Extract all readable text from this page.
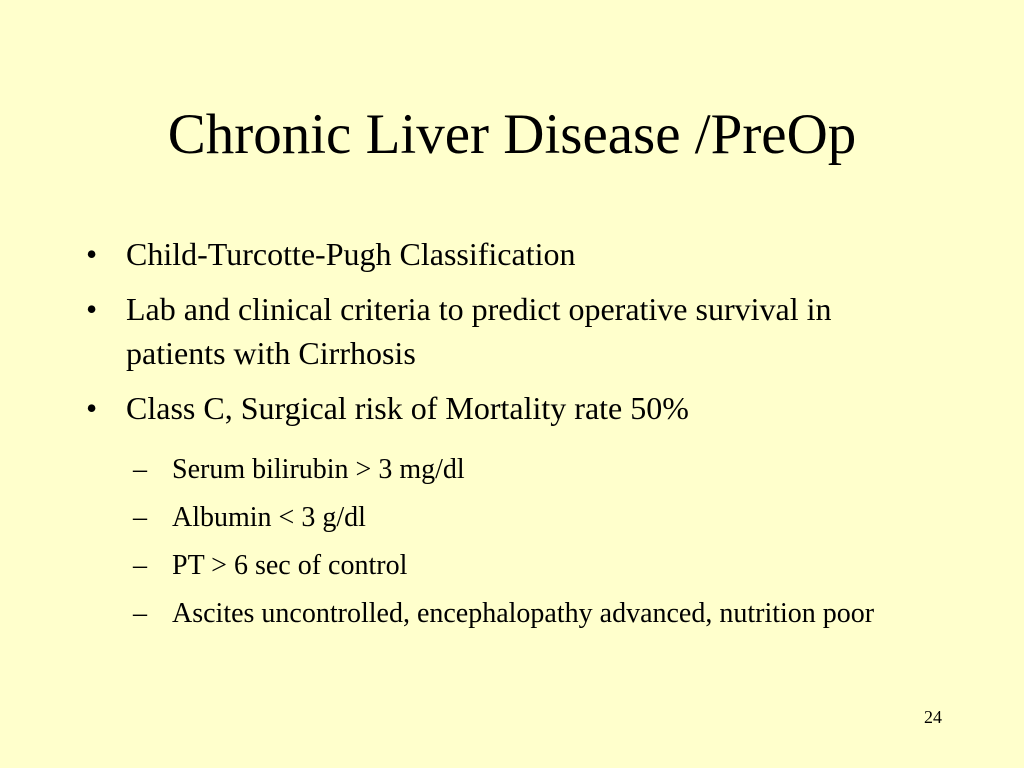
Chronic Liver Disease /PreOp
• Child-Turcotte-Pugh Classification
• Lab and clinical criteria to predict operative survival in patients with Cirrhosis
• Class C, Surgical risk of Mortality rate 50%
– Serum bilirubin > 3 mg/dl
– Albumin < 3 g/dl
– PT > 6 sec of control
– Ascites uncontrolled, encephalopathy advanced, nutrition poor
24
